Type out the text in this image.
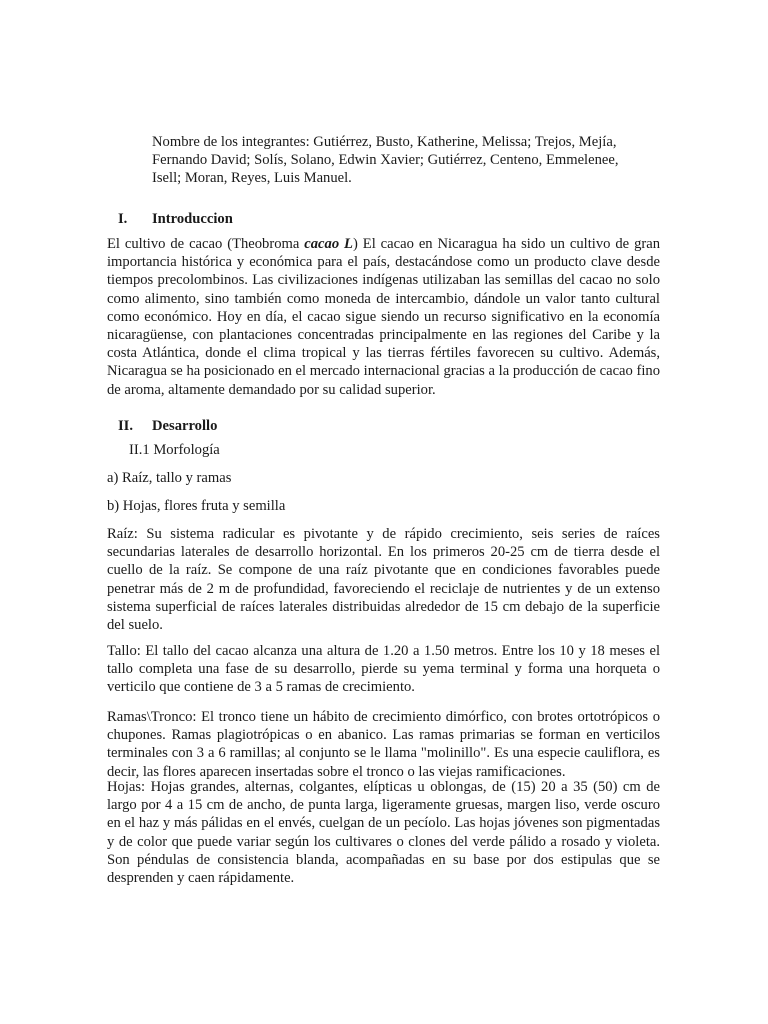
Nombre de los integrantes: Gutiérrez, Busto, Katherine, Melissa; Trejos, Mejía, Fernando David; Solís, Solano, Edwin Xavier; Gutiérrez, Centeno, Emmelenee, Isell; Moran, Reyes, Luis Manuel.

I. Introduccion

El cultivo de cacao (Theobroma cacao L) El cacao en Nicaragua ha sido un cultivo de gran importancia histórica y económica para el país, destacándose como un producto clave desde tiempos precolombinos. Las civilizaciones indígenas utilizaban las semillas del cacao no solo como alimento, sino también como moneda de intercambio, dándole un valor tanto cultural como económico. Hoy en día, el cacao sigue siendo un recurso significativo en la economía nicaragüense, con plantaciones concentradas principalmente en las regiones del Caribe y la costa Atlántica, donde el clima tropical y las tierras fértiles favorecen su cultivo. Además, Nicaragua se ha posicionado en el mercado internacional gracias a la producción de cacao fino de aroma, altamente demandado por su calidad superior.

II. Desarrollo
II.1 Morfología
a) Raíz, tallo y ramas
b) Hojas, flores fruta y semilla

Raíz: Su sistema radicular es pivotante y de rápido crecimiento, seis series de raíces secundarias laterales de desarrollo horizontal. En los primeros 20-25 cm de tierra desde el cuello de la raíz. Se compone de una raíz pivotante que en condiciones favorables puede penetrar más de 2 m de profundidad, favoreciendo el reciclaje de nutrientes y de un extenso sistema superficial de raíces laterales distribuidas alrededor de 15 cm debajo de la superficie del suelo.

Tallo: El tallo del cacao alcanza una altura de 1.20 a 1.50 metros. Entre los 10 y 18 meses el tallo completa una fase de su desarrollo, pierde su yema terminal y forma una horqueta o verticilo que contiene de 3 a 5 ramas de crecimiento.

Ramas\Tronco: El tronco tiene un hábito de crecimiento dimórfico, con brotes ortotrópicos o chupones. Ramas plagiotrópicas o en abanico. Las ramas primarias se forman en verticilos terminales con 3 a 6 ramillas; al conjunto se le llama "molinillo". Es una especie cauliflora, es decir, las flores aparecen insertadas sobre el tronco o las viejas ramificaciones.

Hojas: Hojas grandes, alternas, colgantes, elípticas u oblongas, de (15) 20 a 35 (50) cm de largo por 4 a 15 cm de ancho, de punta larga, ligeramente gruesas, margen liso, verde oscuro en el haz y más pálidas en el envés, cuelgan de un pecíolo. Las hojas jóvenes son pigmentadas y de color que puede variar según los cultivares o clones del verde pálido a rosado y violeta. Son péndulas de consistencia blanda, acompañadas en su base por dos estipulas que se desprenden y caen rápidamente.
